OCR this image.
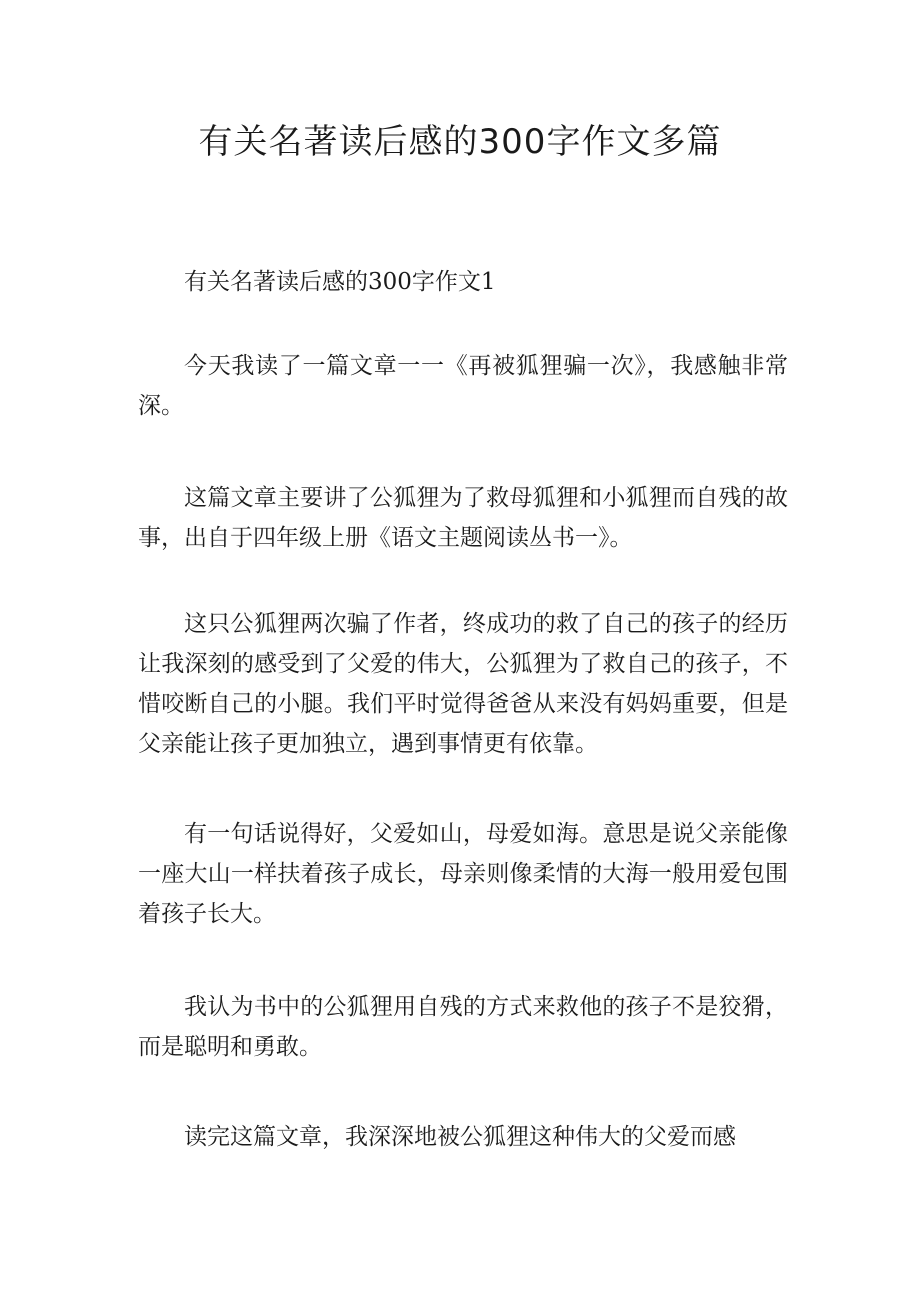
有关名著读后感的300字作文多篇

有关名著读后感的300字作文1

今天我读了一篇文章一一《再被狐狸骗一次》，我感触非常深。

这篇文章主要讲了公狐狸为了救母狐狸和小狐狸而自残的故事，出自于四年级上册《语文主题阅读丛书一》。

这只公狐狸两次骗了作者，终成功的救了自己的孩子的经历让我深刻的感受到了父爱的伟大，公狐狸为了救自己的孩子，不惜咬断自己的小腿。我们平时觉得爸爸从来没有妈妈重要，但是父亲能让孩子更加独立，遇到事情更有依靠。

有一句话说得好，父爱如山，母爱如海。意思是说父亲能像一座大山一样扶着孩子成长，母亲则像柔情的大海一般用爱包围着孩子长大。

我认为书中的公狐狸用自残的方式来救他的孩子不是狡猾，而是聪明和勇敢。

读完这篇文章，我深深地被公狐狸这种伟大的父爱而感
